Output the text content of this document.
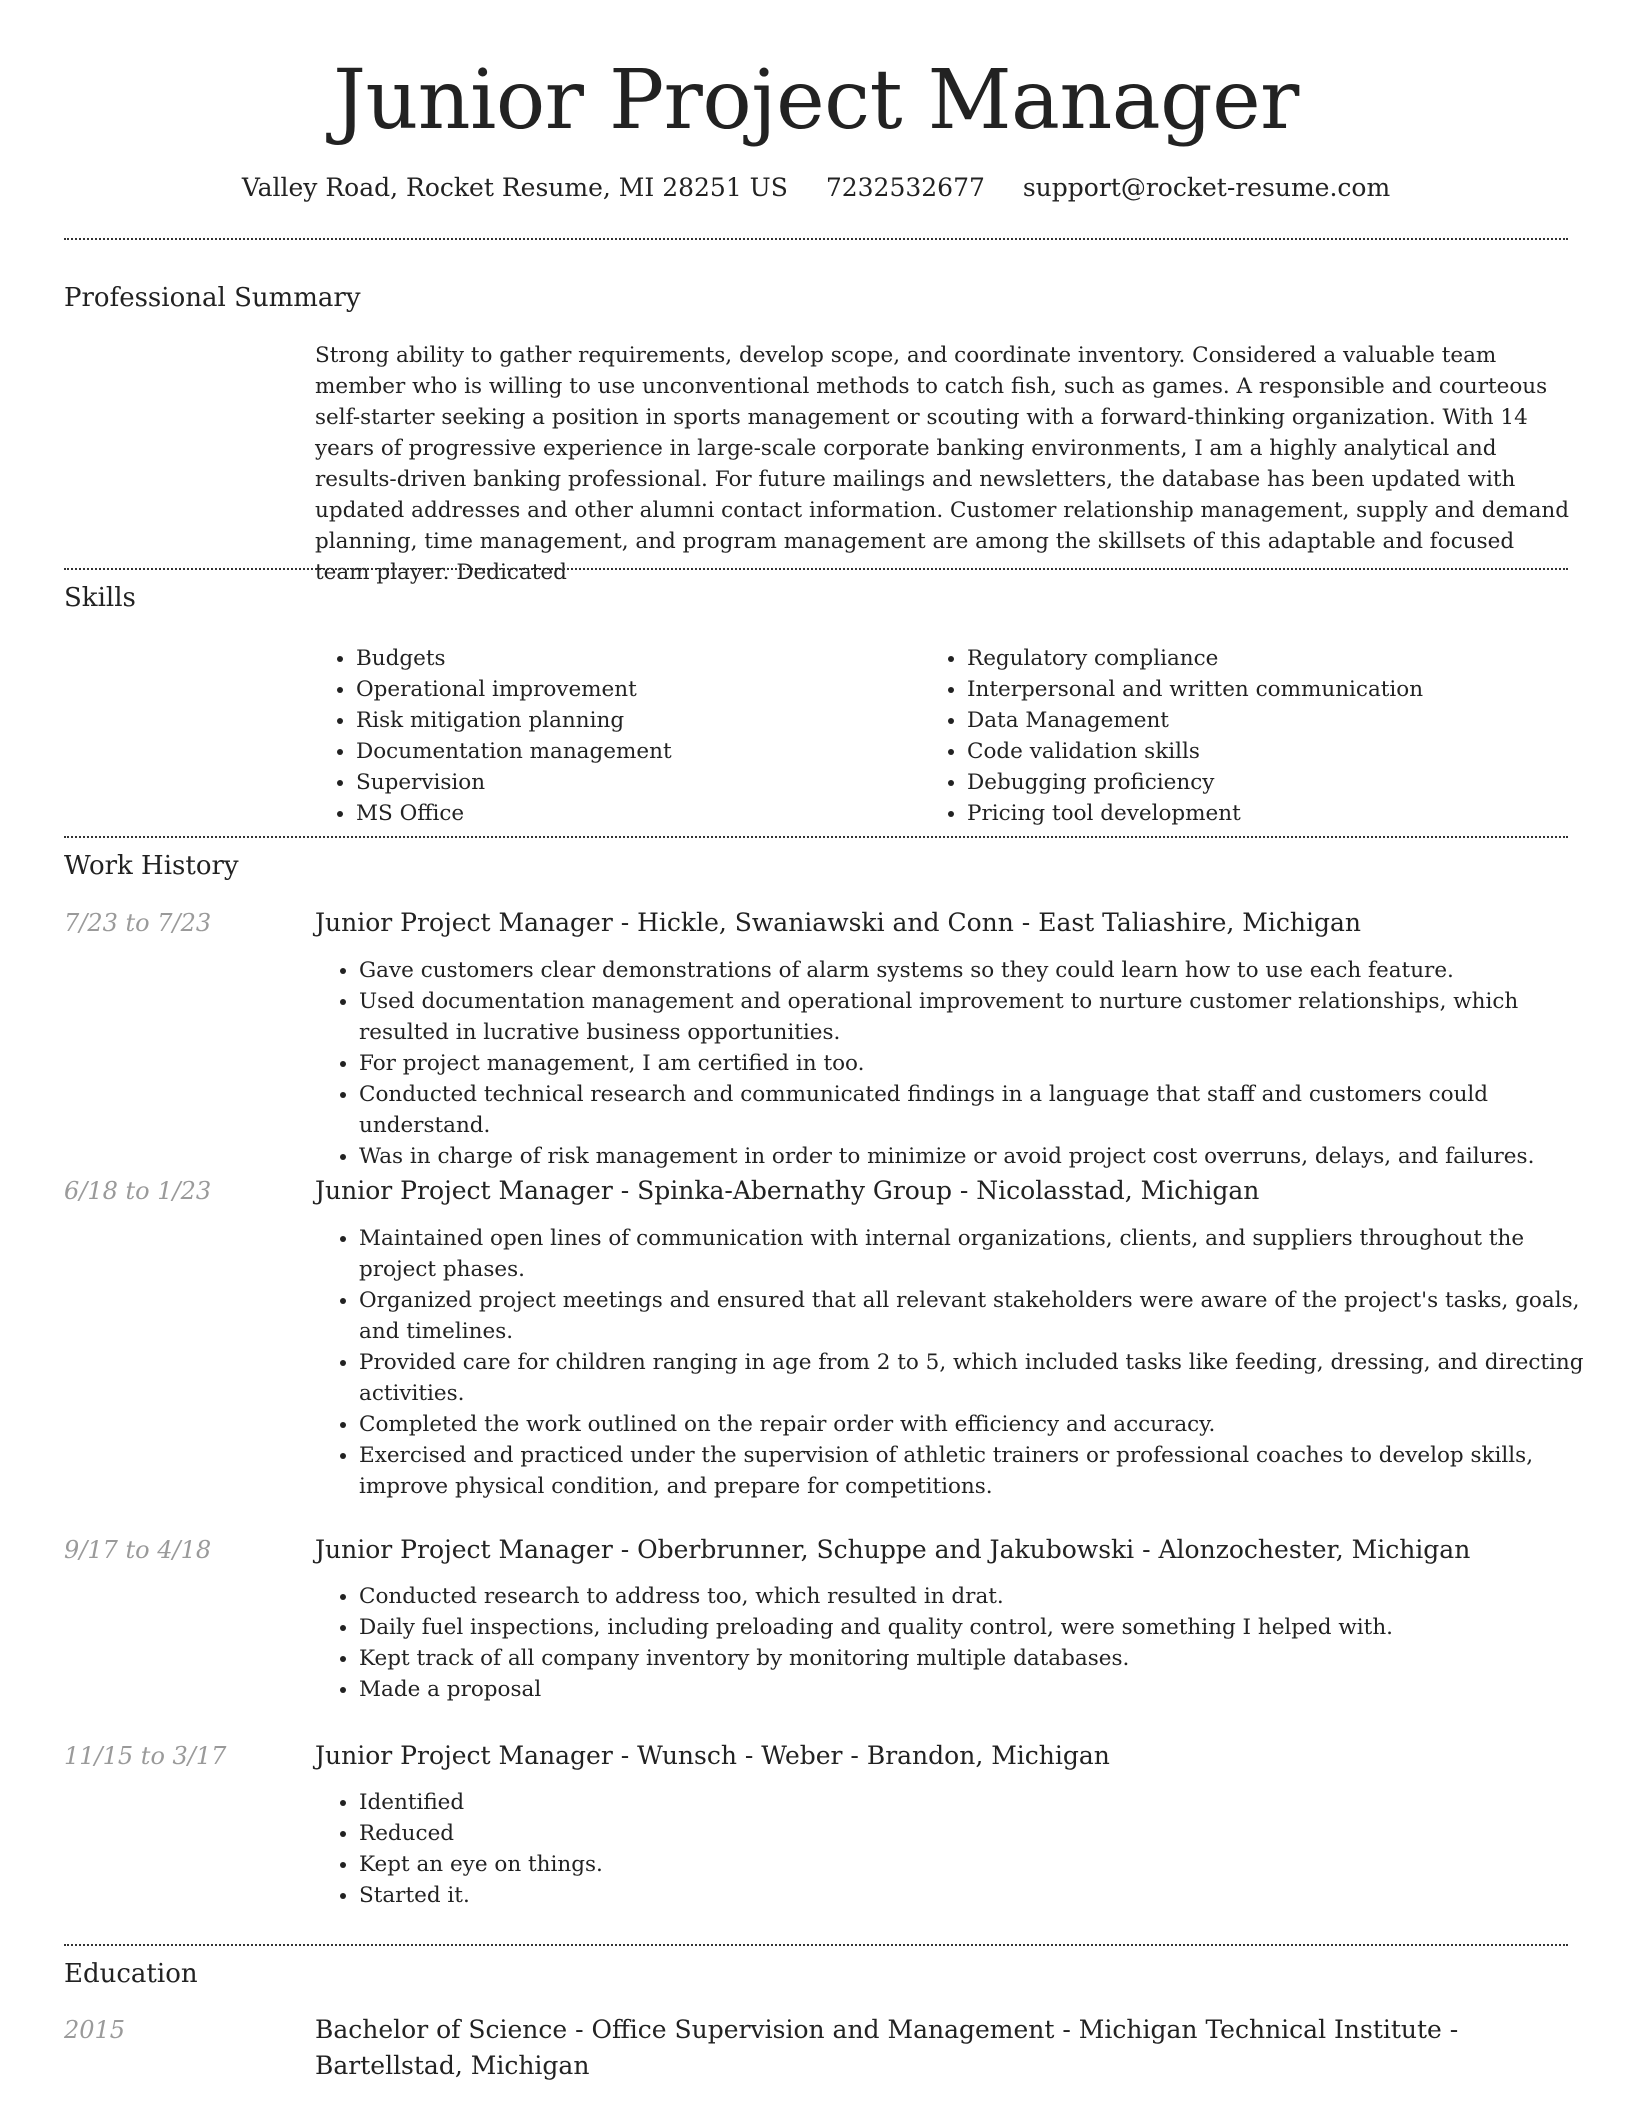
Junior Project Manager
Valley Road, Rocket Resume, MI 28251 US 7232532677 support@rocket-resume.com
Professional Summary

Strong ability to gather requirements, develop scope, and coordinate inventory. Considered a valuable team member who is willing to use unconventional methods to catch fish, such as games. A responsible and courteous self-starter seeking a position in sports management or scouting with a forward-thinking organization. With 14 years of progressive experience in large-scale corporate banking environments, I am a highly analytical and results-driven banking professional. For future mailings and newsletters, the database has been updated with updated addresses and other alumni contact information. Customer relationship management, supply and demand planning, time management, and program management are among the skillsets of this adaptable and focused team player. Dedicated

Skills
• Budgets
• Operational improvement
• Risk mitigation planning
• Documentation management
• Supervision
• MS Office
• Regulatory compliance
• Interpersonal and written communication
• Data Management
• Code validation skills
• Debugging proficiency
• Pricing tool development
Work History
7/23 to 7/23	Junior Project Manager - Hickle, Swaniawski and Conn - East Taliashire, Michigan
• Gave customers clear demonstrations of alarm systems so they could learn how to use each feature.
• Used documentation management and operational improvement to nurture customer relationships, which resulted in lucrative business opportunities.
• For project management, I am certified in too.
• Conducted technical research and communicated findings in a language that staff and customers could understand.
• Was in charge of risk management in order to minimize or avoid project cost overruns, delays, and failures.
6/18 to 1/23	Junior Project Manager - Spinka-Abernathy Group - Nicolasstad, Michigan
• Maintained open lines of communication with internal organizations, clients, and suppliers throughout the project phases.
• Organized project meetings and ensured that all relevant stakeholders were aware of the project's tasks, goals, and timelines.
• Provided care for children ranging in age from 2 to 5, which included tasks like feeding, dressing, and directing activities.
• Completed the work outlined on the repair order with efficiency and accuracy.
• Exercised and practiced under the supervision of athletic trainers or professional coaches to develop skills, improve physical condition, and prepare for competitions.
9/17 to 4/18	Junior Project Manager - Oberbrunner, Schuppe and Jakubowski - Alonzochester, Michigan
• Conducted research to address too, which resulted in drat.
• Daily fuel inspections, including preloading and quality control, were something I helped with.
• Kept track of all company inventory by monitoring multiple databases.
• Made a proposal
11/15 to 3/17	Junior Project Manager - Wunsch - Weber - Brandon, Michigan
• Identified
• Reduced
• Kept an eye on things.
• Started it.
Education
2015	Bachelor of Science - Office Supervision and Management - Michigan Technical Institute - Bartellstad, Michigan
